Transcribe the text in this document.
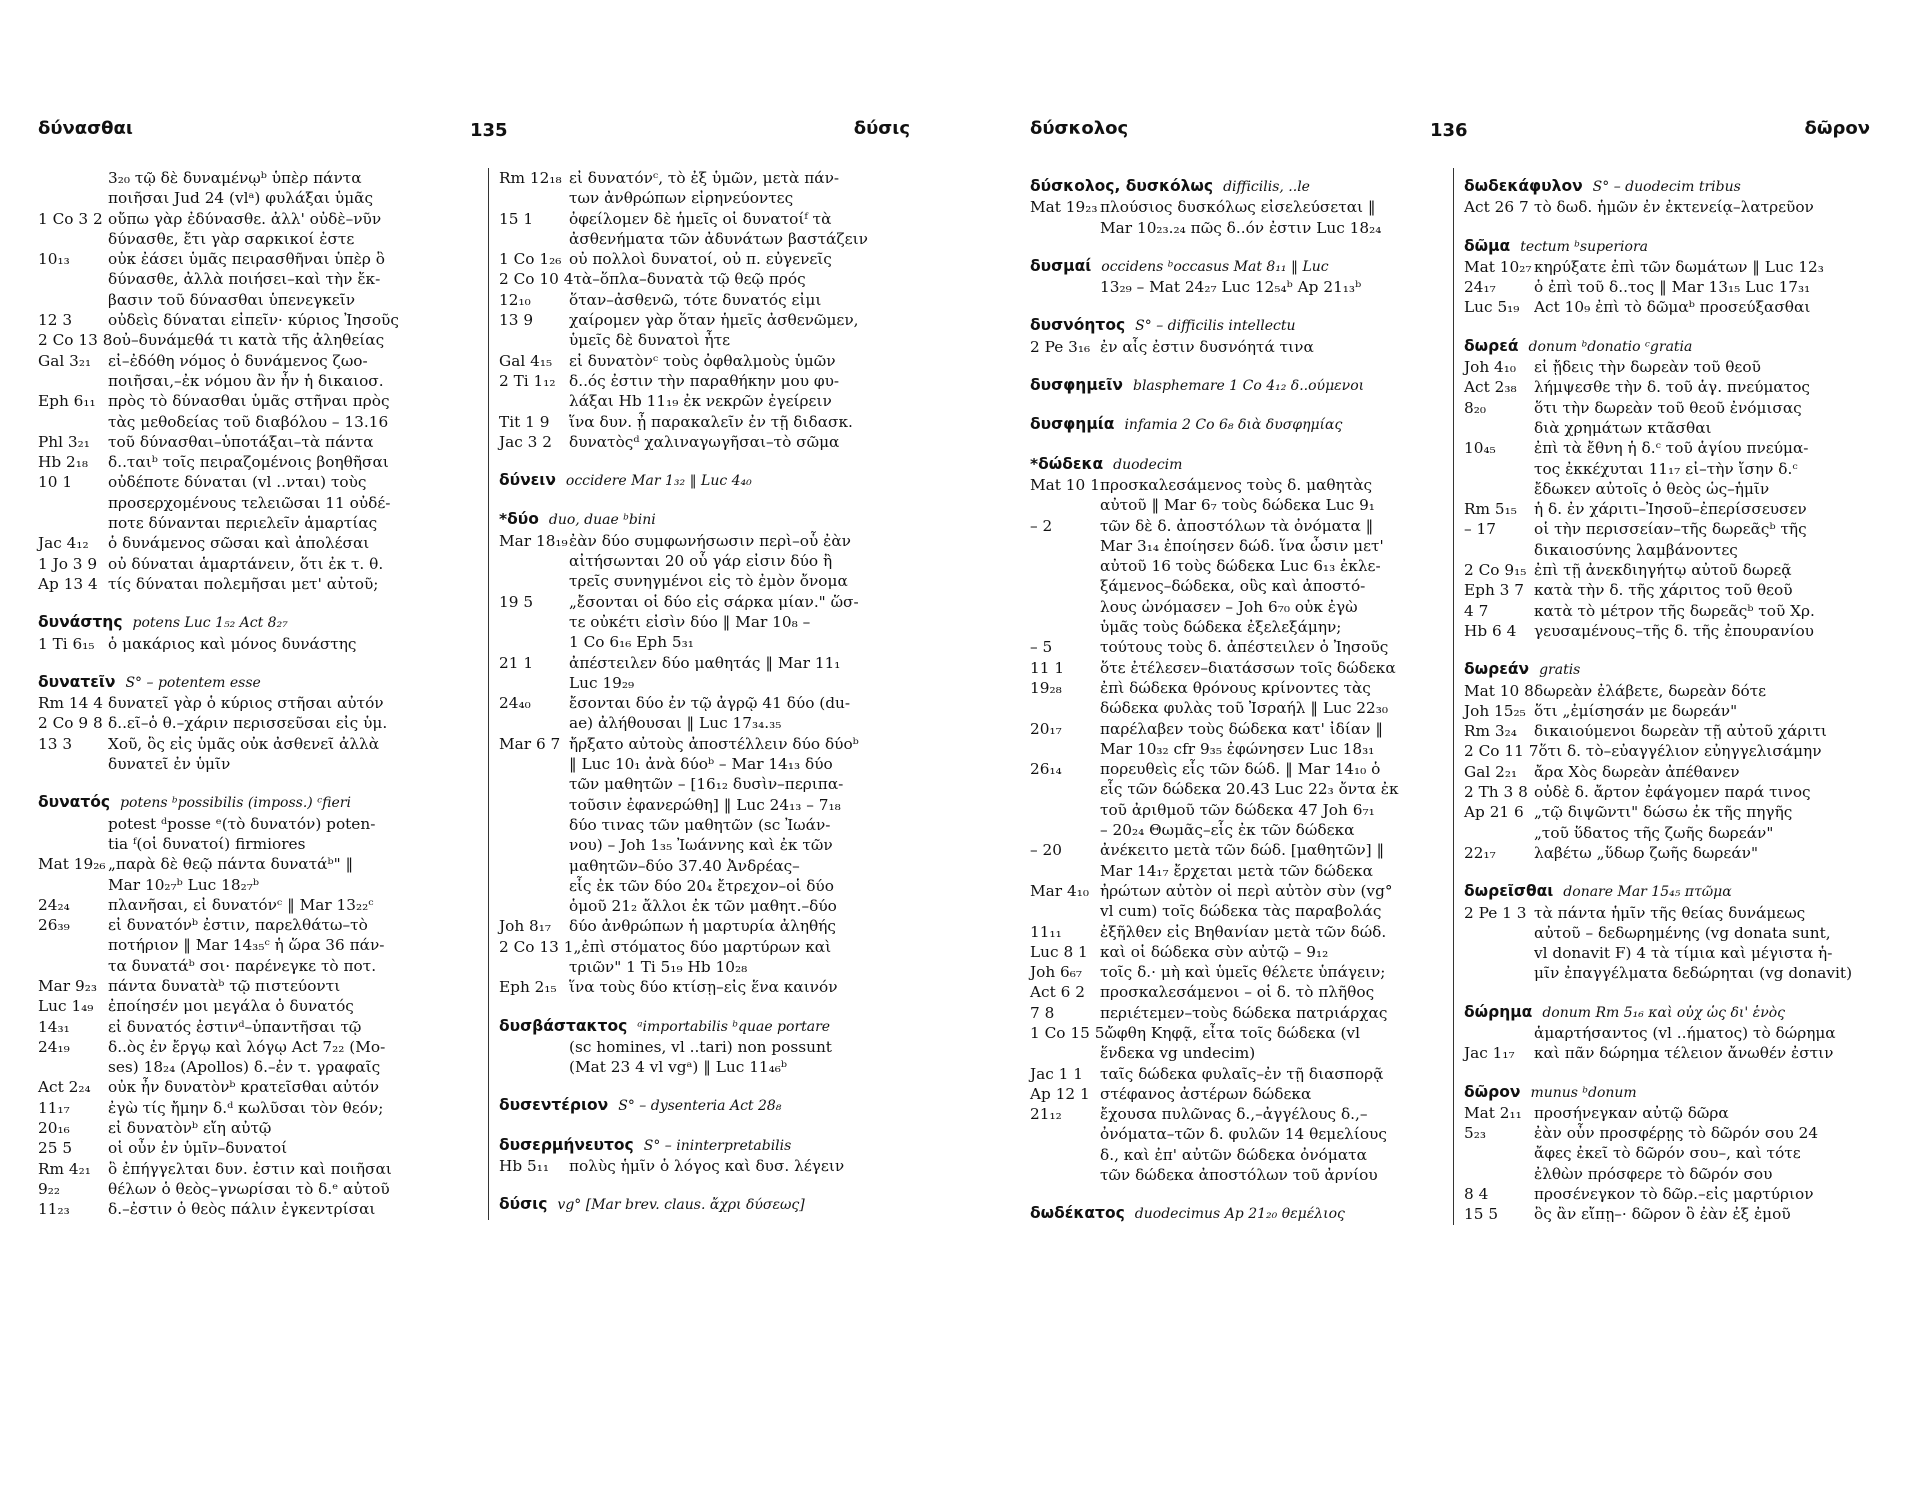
δύνασθαι	135	δύσις
3₂₀ τῷ δὲ δυναμένῳᵇ ὑπὲρ πάντα
ποιῆσαι Jud 24 (vlᵃ) φυλάξαι ὑμᾶς
1 Co 3 2 οὔπω γὰρ ἐδύνασθε. ἀλλ' οὐδὲ–νῦν
δύνασθε, ἔτι γὰρ σαρκικοί ἐστε
10₁₃	οὐκ ἐάσει ὑμᾶς πειρασθῆναι ὑπὲρ ὃ
δύνασθε, ἀλλὰ ποιήσει–καὶ τὴν ἔκ-
βασιν τοῦ δύνασθαι ὑπενεγκεῖν
12 3	οὐδεὶς δύναται εἰπεῖν· κύριος Ἰησοῦς
2 Co 13 8 οὐ–δυνάμεθά τι κατὰ τῆς ἀληθείας
Gal 3₂₁	εἰ–ἐδόθη νόμος ὁ δυνάμενος ζωο-
ποιῆσαι,–ἐκ νόμου ἂν ἦν ἡ δικαιοσ.
Eph 6₁₁ πρὸς τὸ δύνασθαι ὑμᾶς στῆναι πρὸς
τὰς μεθοδείας τοῦ διαβόλου – 13.16
Phl 3₂₁	τοῦ δύνασθαι–ὑποτάξαι–τὰ πάντα
Hb 2₁₈	δ..ταιᵇ τοῖς πειραζομένοις βοηθῆσαι
10 1	οὐδέποτε δύναται (vl ..νται) τοὺς
προσερχομένους τελειῶσαι 11 οὐδέ-
ποτε δύνανται περιελεῖν ἁμαρτίας
Jac 4₁₂	ὁ δυνάμενος σῶσαι καὶ ἀπολέσαι
1 Jo 3 9 οὐ δύναται ἁμαρτάνειν, ὅτι ἐκ τ. θ.
Ap 13 4 τίς δύναται πολεμῆσαι μετ' αὐτοῦ;
δυνάστης potens Luc 1₅₂ Act 8₂₇
1 Ti 6₁₅ ὁ μακάριος καὶ μόνος δυνάστης
δυνατεῖν S° – potentem esse
Rm 14 4 δυνατεῖ γὰρ ὁ κύριος στῆσαι αὐτόν
2 Co 9 8 δ..εῖ–ὁ θ.–χάριν περισσεῦσαι εἰς ὑμ.
13 3	Χοῦ, ὃς εἰς ὑμᾶς οὐκ ἀσθενεῖ ἀλλὰ
δυνατεῖ ἐν ὑμῖν
δυνατός potens ᵇpossibilis (imposs.) ᶜfieri
potest ᵈposse ᵉ(τὸ δυνατόν) poten-
tia ᶠ(οἱ δυνατοί) firmiores
Mat 19₂₆ „παρὰ δὲ θεῷ πάντα δυνατάᵇ" ‖
Mar 10₂₇ᵇ Luc 18₂₇ᵇ
24₂₄	πλανῆσαι, εἰ δυνατόνᶜ ‖ Mar 13₂₂ᶜ
26₃₉	εἰ δυνατόνᵇ ἐστιν, παρελθάτω–τὸ
ποτήριον ‖ Mar 14₃₅ᶜ ἡ ὥρα 36 πάν-
τα δυνατάᵇ σοι· παρένεγκε τὸ ποτ.
Mar 9₂₃ πάντα δυνατὰᵇ τῷ πιστεύοντι
Luc 1₄₉ ἐποίησέν μοι μεγάλα ὁ δυνατός
14₃₁	εἰ δυνατός ἐστινᵈ–ὑπαντῆσαι τῷ
24₁₉	δ..ὸς ἐν ἔργῳ καὶ λόγῳ Act 7₂₂ (Mo-
ses) 18₂₄ (Apollos) δ.–ἐν τ. γραφαῖς
Act 2₂₄	οὐκ ἦν δυνατὸνᵇ κρατεῖσθαι αὐτόν
11₁₇	ἐγὼ τίς ἤμην δ.ᵈ κωλῦσαι τὸν θεόν;
20₁₆	εἰ δυνατὸνᵇ εἴη αὐτῷ
25 5	οἱ οὖν ἐν ὑμῖν–δυνατοί
Rm 4₂₁	ὃ ἐπήγγελται δυν. ἐστιν καὶ ποιῆσαι
9₂₂	θέλων ὁ θεὸς–γνωρίσαι τὸ δ.ᵉ αὐτοῦ
11₂₃	δ.–ἐστιν ὁ θεὸς πάλιν ἐγκεντρίσαι
Rm 12₁₈ εἰ δυνατόνᶜ, τὸ ἐξ ὑμῶν, μετὰ πάν-
των ἀνθρώπων εἰρηνεύοντες
15 1	ὀφείλομεν δὲ ἡμεῖς οἱ δυνατοίᶠ τὰ
ἀσθενήματα τῶν ἀδυνάτων βαστάζειν
1 Co 1₂₆ οὐ πολλοὶ δυνατοί, οὐ π. εὐγενεῖς
2 Co 10 4 τὰ–ὅπλα–δυνατὰ τῷ θεῷ πρός
12₁₀	ὅταν–ἀσθενῶ, τότε δυνατός εἰμι
13 9	χαίρομεν γὰρ ὅταν ἡμεῖς ἀσθενῶμεν,
ὑμεῖς δὲ δυνατοὶ ἦτε
Gal 4₁₅	εἰ δυνατὸνᶜ τοὺς ὀφθαλμοὺς ὑμῶν
2 Ti 1₁₂ δ..ός ἐστιν τὴν παραθήκην μου φυ-
λάξαι Hb 11₁₉ ἐκ νεκρῶν ἐγείρειν
Tit 1 9	ἵνα δυν. ᾖ παρακαλεῖν ἐν τῇ διδασκ.
Jac 3 2	δυνατὸςᵈ χαλιναγωγῆσαι–τὸ σῶμα
δύνειν occidere Mar 1₃₂ ‖ Luc 4₄₀
*δύο duo, duae ᵇbini
Mar 18₁₉ ἐὰν δύο συμφωνήσωσιν περὶ–οὗ ἐὰν
αἰτήσωνται 20 οὗ γάρ εἰσιν δύο ἢ
τρεῖς συνηγμένοι εἰς τὸ ἐμὸν ὄνομα
19 5	„ἔσονται οἱ δύο εἰς σάρκα μίαν." ὥσ-
τε οὐκέτι εἰσὶν δύο ‖ Mar 10₈ –
1 Co 6₁₆ Eph 5₃₁
21 1	ἀπέστειλεν δύο μαθητάς ‖ Mar 11₁
Luc 19₂₉
24₄₀	ἔσονται δύο ἐν τῷ ἀγρῷ 41 δύο (du-
ae) ἀλήθουσαι ‖ Luc 17₃₄.₃₅
Mar 6 7 ἤρξατο αὐτοὺς ἀποστέλλειν δύο δύοᵇ
‖ Luc 10₁ ἀνὰ δύοᵇ – Mar 14₁₃ δύο
τῶν μαθητῶν – [16₁₂ δυσὶν–περιπα-
τοῦσιν ἐφανερώθη] ‖ Luc 24₁₃ – 7₁₈
δύο τινας τῶν μαθητῶν (sc Ἰωάν-
νου) – Joh 1₃₅ Ἰωάννης καὶ ἐκ τῶν
μαθητῶν–δύο 37.40 Ἀνδρέας–
εἷς ἐκ τῶν δύο 20₄ ἔτρεχον–οἱ δύο
ὁμοῦ 21₂ ἄλλοι ἐκ τῶν μαθητ.–δύο
Joh 8₁₇	δύο ἀνθρώπων ἡ μαρτυρία ἀληθής
2 Co 13 1 „ἐπὶ στόματος δύο μαρτύρων καὶ
τριῶν" 1 Ti 5₁₉ Hb 10₂₈
Eph 2₁₅ ἵνα τοὺς δύο κτίσῃ–εἰς ἕνα καινόν
δυσβάστακτος ᵃimportabilis ᵇquae portare
(sc homines, vl ..tari) non possunt
(Mat 23 4 vl vgᵃ) ‖ Luc 11₄₆ᵇ
δυσεντέριον S° – dysenteria Act 28₈
δυσερμήνευτος S° – ininterpretabilis
Hb 5₁₁	πολὺς ἡμῖν ὁ λόγος καὶ δυσ. λέγειν
δύσις vg° [Mar brev. claus. ἄχρι δύσεως]
δύσκολος	136	δῶρον
δύσκολος, δυσκόλως difficilis, ..le
Mat 19₂₃ πλούσιος δυσκόλως εἰσελεύσεται ‖
Mar 10₂₃.₂₄ πῶς δ..όν ἐστιν Luc 18₂₄
δυσμαί occidens ᵇoccasus Mat 8₁₁ ‖ Luc
13₂₉ – Mat 24₂₇ Luc 12₅₄ᵇ Ap 21₁₃ᵇ
δυσνόητος S° – difficilis intellectu
2 Pe 3₁₆ ἐν αἷς ἐστιν δυσνόητά τινα
δυσφημεῖν blasphemare 1 Co 4₁₂ δ..ούμενοι
δυσφημία infamia 2 Co 6₈ διὰ δυσφημίας
*δώδεκα duodecim
Mat 10 1 προσκαλεσάμενος τοὺς δ. μαθητὰς
αὐτοῦ ‖ Mar 6₇ τοὺς δώδεκα Luc 9₁
– 2	τῶν δὲ δ. ἀποστόλων τὰ ὀνόματα ‖
Mar 3₁₄ ἐποίησεν δώδ. ἵνα ὦσιν μετ'
αὐτοῦ 16 τοὺς δώδεκα Luc 6₁₃ ἐκλε-
ξάμενος–δώδεκα, οὓς καὶ ἀποστό-
λους ὠνόμασεν – Joh 6₇₀ οὐκ ἐγὼ
ὑμᾶς τοὺς δώδεκα ἐξελεξάμην;
– 5	τούτους τοὺς δ. ἀπέστειλεν ὁ Ἰησοῦς
11 1	ὅτε ἐτέλεσεν–διατάσσων τοῖς δώδεκα
19₂₈	ἐπὶ δώδεκα θρόνους κρίνοντες τὰς
δώδεκα φυλὰς τοῦ Ἰσραήλ ‖ Luc 22₃₀
20₁₇	παρέλαβεν τοὺς δώδεκα κατ' ἰδίαν ‖
Mar 10₃₂ cfr 9₃₅ ἐφώνησεν Luc 18₃₁
26₁₄	πορευθεὶς εἷς τῶν δώδ. ‖ Mar 14₁₀ ὁ
εἷς τῶν δώδεκα 20.43 Luc 22₃ ὄντα ἐκ
τοῦ ἀριθμοῦ τῶν δώδεκα 47 Joh 6₇₁
– 20₂₄ Θωμᾶς–εἷς ἐκ τῶν δώδεκα
– 20	ἀνέκειτο μετὰ τῶν δώδ. [μαθητῶν] ‖
Mar 14₁₇ ἔρχεται μετὰ τῶν δώδεκα
Mar 4₁₀ ἠρώτων αὐτὸν οἱ περὶ αὐτὸν σὺν (vg°
vl cum) τοῖς δώδεκα τὰς παραβολάς
11₁₁	ἐξῆλθεν εἰς Βηθανίαν μετὰ τῶν δώδ.
Luc 8 1 καὶ οἱ δώδεκα σὺν αὐτῷ – 9₁₂
Joh 6₆₇	τοῖς δ.· μὴ καὶ ὑμεῖς θέλετε ὑπάγειν;
Act 6 2 προσκαλεσάμενοι – οἱ δ. τὸ πλῆθος
7 8	περιέτεμεν–τοὺς δώδεκα πατριάρχας
1 Co 15 5 ὤφθη Κηφᾷ, εἶτα τοῖς δώδεκα (vl
ἕνδεκα vg undecim)
Jac 1 1	ταῖς δώδεκα φυλαῖς–ἐν τῇ διασπορᾷ
Ap 12 1 στέφανος ἀστέρων δώδεκα
21₁₂	ἔχουσα πυλῶνας δ.,–ἀγγέλους δ.,–
ὀνόματα–τῶν δ. φυλῶν 14 θεμελίους
δ., καὶ ἐπ' αὐτῶν δώδεκα ὀνόματα
τῶν δώδεκα ἀποστόλων τοῦ ἀρνίου
δωδέκατος duodecimus Ap 21₂₀ θεμέλιος
δωδεκάφυλον S° – duodecim tribus
Act 26 7 τὸ δωδ. ἡμῶν ἐν ἐκτενείᾳ–λατρεῦον
δῶμα tectum ᵇsuperiora
Mat 10₂₇ κηρύξατε ἐπὶ τῶν δωμάτων ‖ Luc 12₃
24₁₇	ὁ ἐπὶ τοῦ δ..τος ‖ Mar 13₁₅ Luc 17₃₁
Luc 5₁₉ Act 10₉ ἐπὶ τὸ δῶμαᵇ προσεύξασθαι
δωρεά donum ᵇdonatio ᶜgratia
Joh 4₁₀	εἰ ᾔδεις τὴν δωρεὰν τοῦ θεοῦ
Act 2₃₈	λήμψεσθε τὴν δ. τοῦ ἁγ. πνεύματος
8₂₀	ὅτι τὴν δωρεὰν τοῦ θεοῦ ἐνόμισας
διὰ χρημάτων κτᾶσθαι
10₄₅	ἐπὶ τὰ ἔθνη ἡ δ.ᶜ τοῦ ἁγίου πνεύμα-
τος ἐκκέχυται 11₁₇ εἰ–τὴν ἴσην δ.ᶜ
ἔδωκεν αὐτοῖς ὁ θεὸς ὡς–ἡμῖν
Rm 5₁₅	ἡ δ. ἐν χάριτι–Ἰησοῦ–ἐπερίσσευσεν
– 17	οἱ τὴν περισσείαν–τῆς δωρεᾶςᵇ τῆς
δικαιοσύνης λαμβάνοντες
2 Co 9₁₅ ἐπὶ τῇ ἀνεκδιηγήτῳ αὐτοῦ δωρεᾷ
Eph 3 7 κατὰ τὴν δ. τῆς χάριτος τοῦ θεοῦ
4 7	κατὰ τὸ μέτρον τῆς δωρεᾶςᵇ τοῦ Χρ.
Hb 6 4	γευσαμένους–τῆς δ. τῆς ἐπουρανίου
δωρεάν gratis
Mat 10 8 δωρεὰν ἐλάβετε, δωρεὰν δότε
Joh 15₂₅ ὅτι „ἐμίσησάν με δωρεάν"
Rm 3₂₄	δικαιούμενοι δωρεὰν τῇ αὐτοῦ χάριτι
2 Co 11 7 ὅτι δ. τὸ–εὐαγγέλιον εὐηγγελισάμην
Gal 2₂₁	ἄρα Χὸς δωρεὰν ἀπέθανεν
2 Th 3 8 οὐδὲ δ. ἄρτον ἐφάγομεν παρά τινος
Ap 21 6 „τῷ διψῶντι" δώσω ἐκ τῆς πηγῆς
„τοῦ ὕδατος τῆς ζωῆς δωρεάν"
22₁₇	λαβέτω „ὕδωρ ζωῆς δωρεάν"
δωρεῖσθαι donare Mar 15₄₅ πτῶμα
2 Pe 1 3 τὰ πάντα ἡμῖν τῆς θείας δυνάμεως
αὐτοῦ – δεδωρημένης (vg donata sunt,
vl donavit F) 4 τὰ τίμια καὶ μέγιστα ἡ-
μῖν ἐπαγγέλματα δεδώρηται (vg donavit)
δώρημα donum Rm 5₁₆ καὶ οὐχ ὡς δι' ἑνὸς
ἁμαρτήσαντος (vl ..ήματος) τὸ δώρημα
Jac 1₁₇	καὶ πᾶν δώρημα τέλειον ἄνωθέν ἐστιν
δῶρον munus ᵇdonum
Mat 2₁₁ προσήνεγκαν αὐτῷ δῶρα
5₂₃	ἐὰν οὖν προσφέρῃς τὸ δῶρόν σου 24
ἄφες ἐκεῖ τὸ δῶρόν σου–, καὶ τότε
ἐλθὼν πρόσφερε τὸ δῶρόν σου
8 4	προσένεγκον τὸ δῶρ.–εἰς μαρτύριον
15 5	ὃς ἂν εἴπῃ–· δῶρον ὃ ἐὰν ἐξ ἐμοῦ
